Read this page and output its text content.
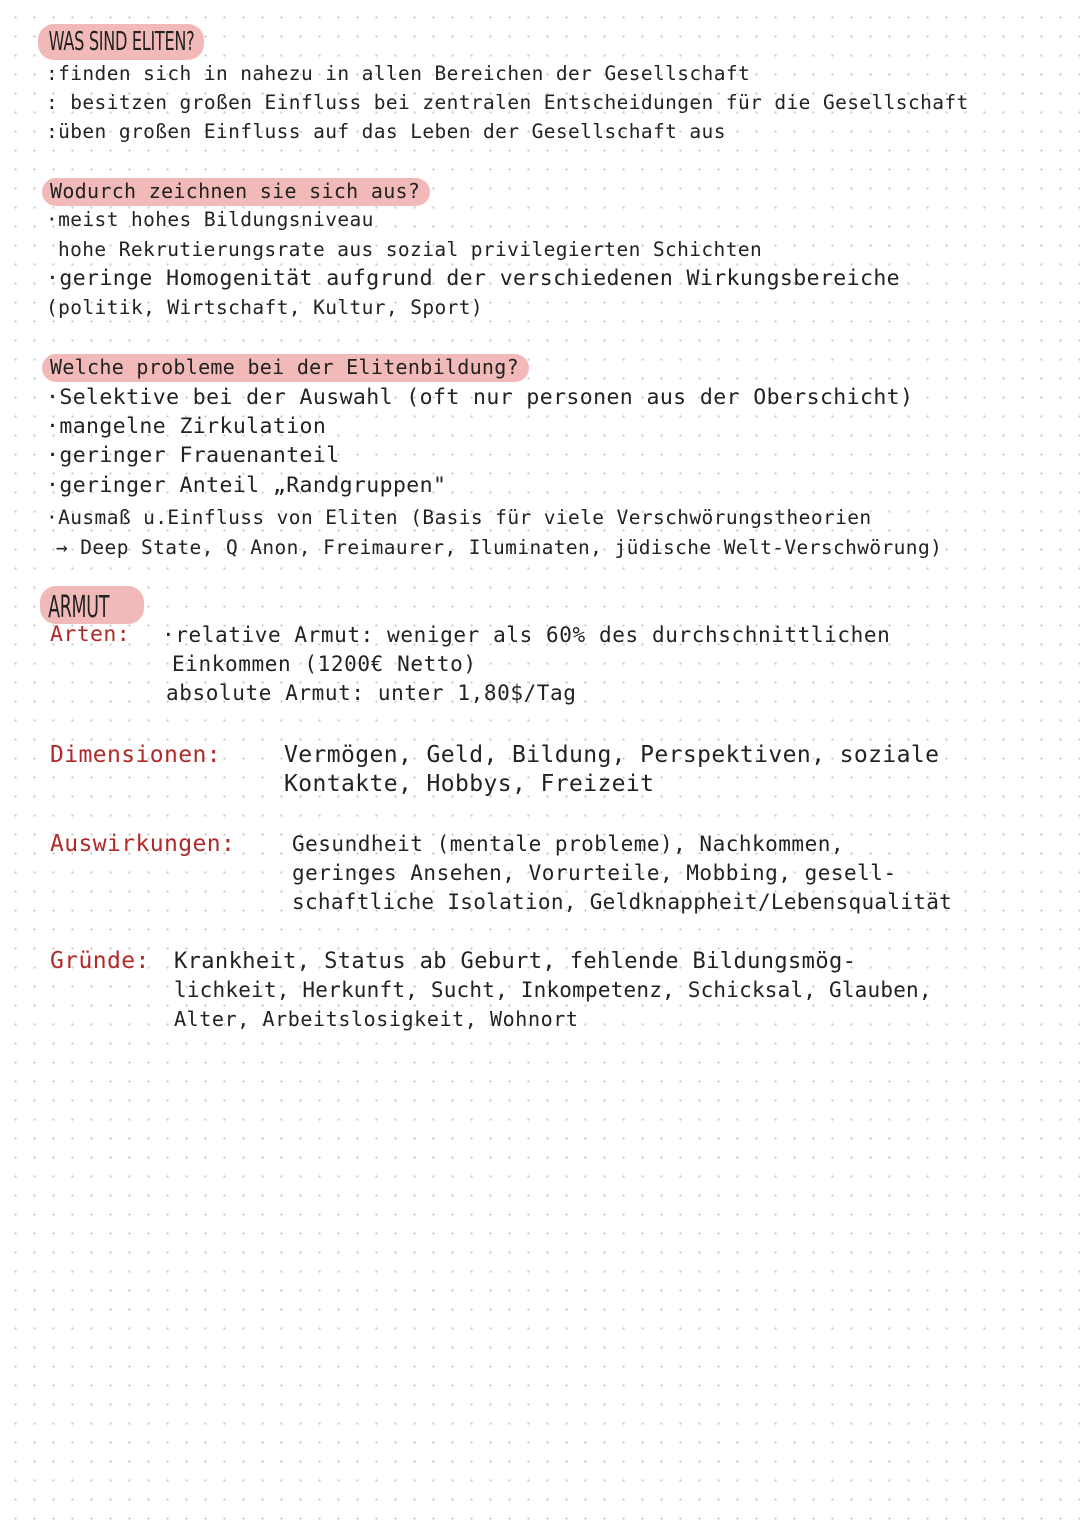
WAS SIND ELITEN?
:finden sich in nahezu in allen Bereichen der Gesellschaft
: besitzen großen Einfluss bei zentralen Entscheidungen für die Gesellschaft
:üben großen Einfluss auf das Leben der Gesellschaft aus
Wodurch zeichnen sie sich aus?
·meist hohes Bildungsniveau
hohe Rekrutierungsrate aus sozial privilegierten Schichten
·geringe Homogenität aufgrund der verschiedenen Wirkungsbereiche
(politik, Wirtschaft, Kultur, Sport)
Welche probleme bei der Elitenbildung?
·Selektive bei der Auswahl (oft nur personen aus der Oberschicht)
·mangelne Zirkulation
·geringer Frauenanteil
·geringer Anteil „Randgruppen"
·Ausmaß u.Einfluss von Eliten (Basis für viele Verschwörungstheorien
→ Deep State, Q Anon, Freimaurer, Iluminaten, jüdische Welt-Verschwörung)
ARMUT
Arten: ·relative Armut: weniger als 60% des durchschnittlichen
Einkommen (1200€ Netto)
absolute Armut: unter 1,80$/Tag
Dimensionen:	Vermögen, Geld, Bildung, Perspektiven, soziale
Kontakte, Hobbys, Freizeit
Auswirkungen:	Gesundheit (mentale probleme), Nachkommen,
geringes Ansehen, Vorurteile, Mobbing, gesell-
schaftliche Isolation, Geldknappheit/Lebensqualität
Gründe: Krankheit, Status ab Geburt, fehlende Bildungsmög-
lichkeit, Herkunft, Sucht, Inkompetenz, Schicksal, Glauben,
Alter, Arbeitslosigkeit, Wohnort
